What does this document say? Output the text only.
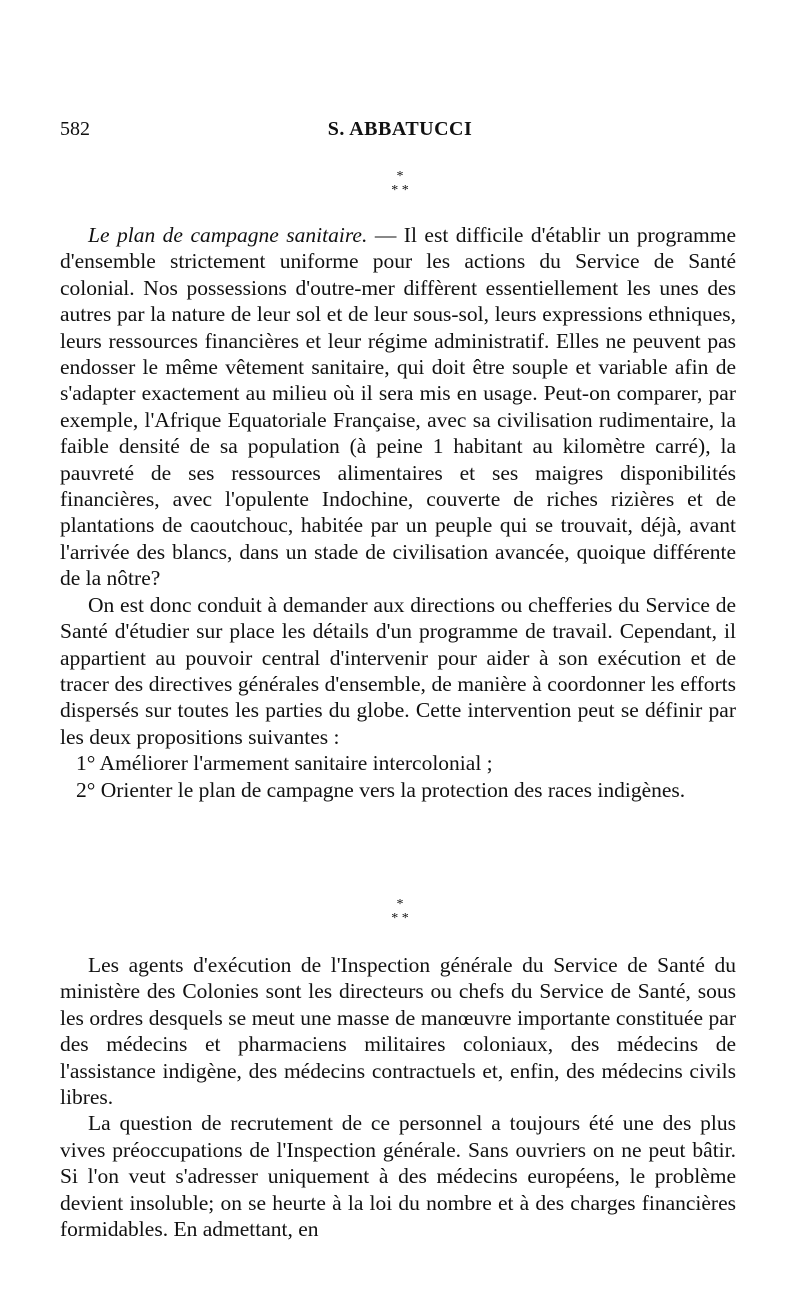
582	S. ABBATUCCI
*
* *

Le plan de campagne sanitaire. — Il est difficile d'établir un programme d'ensemble strictement uniforme pour les actions du Service de Santé colonial. Nos possessions d'outre-mer diffèrent essentiellement les unes des autres par la nature de leur sol et de leur sous-sol, leurs expressions ethniques, leurs ressources financières et leur régime administratif. Elles ne peuvent pas endosser le même vêtement sanitaire, qui doit être souple et variable afin de s'adapter exactement au milieu où il sera mis en usage. Peut-on comparer, par exemple, l'Afrique Equatoriale Française, avec sa civilisation rudimentaire, la faible densité de sa population (à peine 1 habitant au kilomètre carré), la pauvreté de ses ressources alimentaires et ses maigres disponibilités financières, avec l'opulente Indochine, couverte de riches rizières et de plantations de caoutchouc, habitée par un peuple qui se trouvait, déjà, avant l'arrivée des blancs, dans un stade de civilisation avancée, quoique différente de la nôtre?

On est donc conduit à demander aux directions ou chefferies du Service de Santé d'étudier sur place les détails d'un programme de travail. Cependant, il appartient au pouvoir central d'intervenir pour aider à son exécution et de tracer des directives générales d'ensemble, de manière à coordonner les efforts dispersés sur toutes les parties du globe. Cette intervention peut se définir par les deux propositions suivantes :

1° Améliorer l'armement sanitaire intercolonial ;

2° Orienter le plan de campagne vers la protection des races indigènes.

*
* *

Les agents d'exécution de l'Inspection générale du Service de Santé du ministère des Colonies sont les directeurs ou chefs du Service de Santé, sous les ordres desquels se meut une masse de manœuvre importante constituée par des médecins et pharmaciens militaires coloniaux, des médecins de l'assistance indigène, des médecins contractuels et, enfin, des médecins civils libres.

La question de recrutement de ce personnel a toujours été une des plus vives préoccupations de l'Inspection générale. Sans ouvriers on ne peut bâtir. Si l'on veut s'adresser uniquement à des médecins européens, le problème devient insoluble; on se heurte à la loi du nombre et à des charges financières formidables. En admettant, en
